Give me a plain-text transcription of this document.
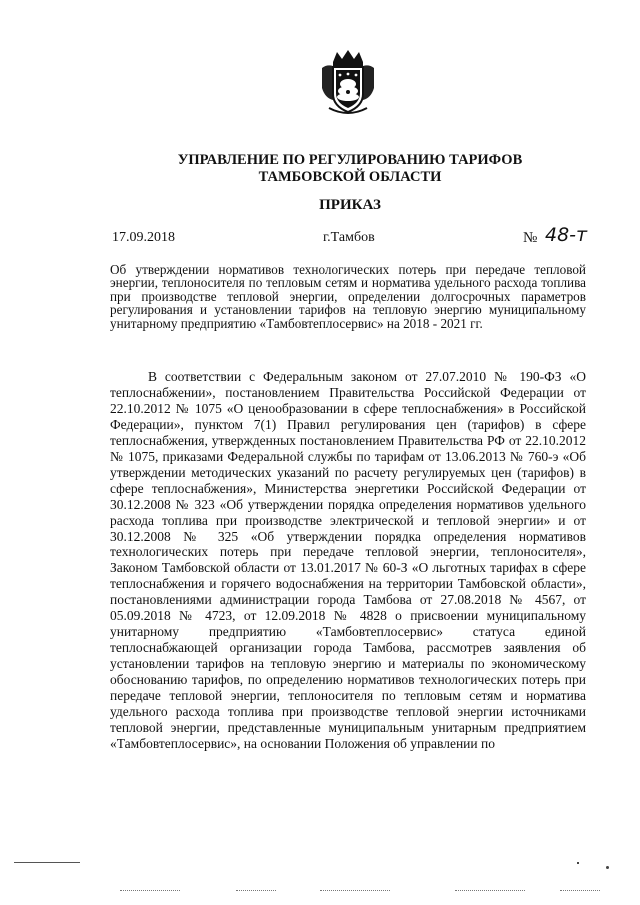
УПРАВЛЕНИЕ ПО РЕГУЛИРОВАНИЮ ТАРИФОВ
ТАМБОВСКОЙ ОБЛАСТИ
ПРИКАЗ
17.09.2018	г.Тамбов	№ 48-т

Об утверждении нормативов технологических потерь при передаче тепловой энергии, теплоносителя по тепловым сетям и норматива удельного расхода топлива при производстве тепловой энергии, определении долгосрочных параметров регулирования и установлении тарифов на тепловую энергию муниципальному унитарному предприятию «Тамбовтеплосервис» на 2018 - 2021 гг.

В соответствии с Федеральным законом от 27.07.2010 № 190-ФЗ «О теплоснабжении», постановлением Правительства Российской Федерации от 22.10.2012 № 1075 «О ценообразовании в сфере теплоснабжения» в Российской Федерации», пунктом 7(1) Правил регулирования цен (тарифов) в сфере теплоснабжения, утвержденных постановлением Правительства РФ от 22.10.2012 № 1075, приказами Федеральной службы по тарифам от 13.06.2013 № 760-э «Об утверждении методических указаний по расчету регулируемых цен (тарифов) в сфере теплоснабжения», Министерства энергетики Российской Федерации от 30.12.2008 № 323 «Об утверждении порядка определения нормативов удельного расхода топлива при производстве электрической и тепловой энергии» и от 30.12.2008 № 325 «Об утверждении порядка определения нормативов технологических потерь при передаче тепловой энергии, теплоносителя», Законом Тамбовской области от 13.01.2017 № 60-З «О льготных тарифах в сфере теплоснабжения и горячего водоснабжения на территории Тамбовской области», постановлениями администрации города Тамбова от 27.08.2018 № 4567, от 05.09.2018 № 4723, от 12.09.2018 № 4828 о присвоении муниципальному унитарному предприятию «Тамбовтеплосервис» статуса единой теплоснабжающей организации города Тамбова, рассмотрев заявления об установлении тарифов на тепловую энергию и материалы по экономическому обоснованию тарифов, по определению нормативов технологических потерь при передаче тепловой энергии, теплоносителя по тепловым сетям и норматива удельного расхода топлива при производстве тепловой энергии источниками тепловой энергии, представленные муниципальным унитарным предприятием «Тамбовтеплосервис», на основании Положения об управлении по
